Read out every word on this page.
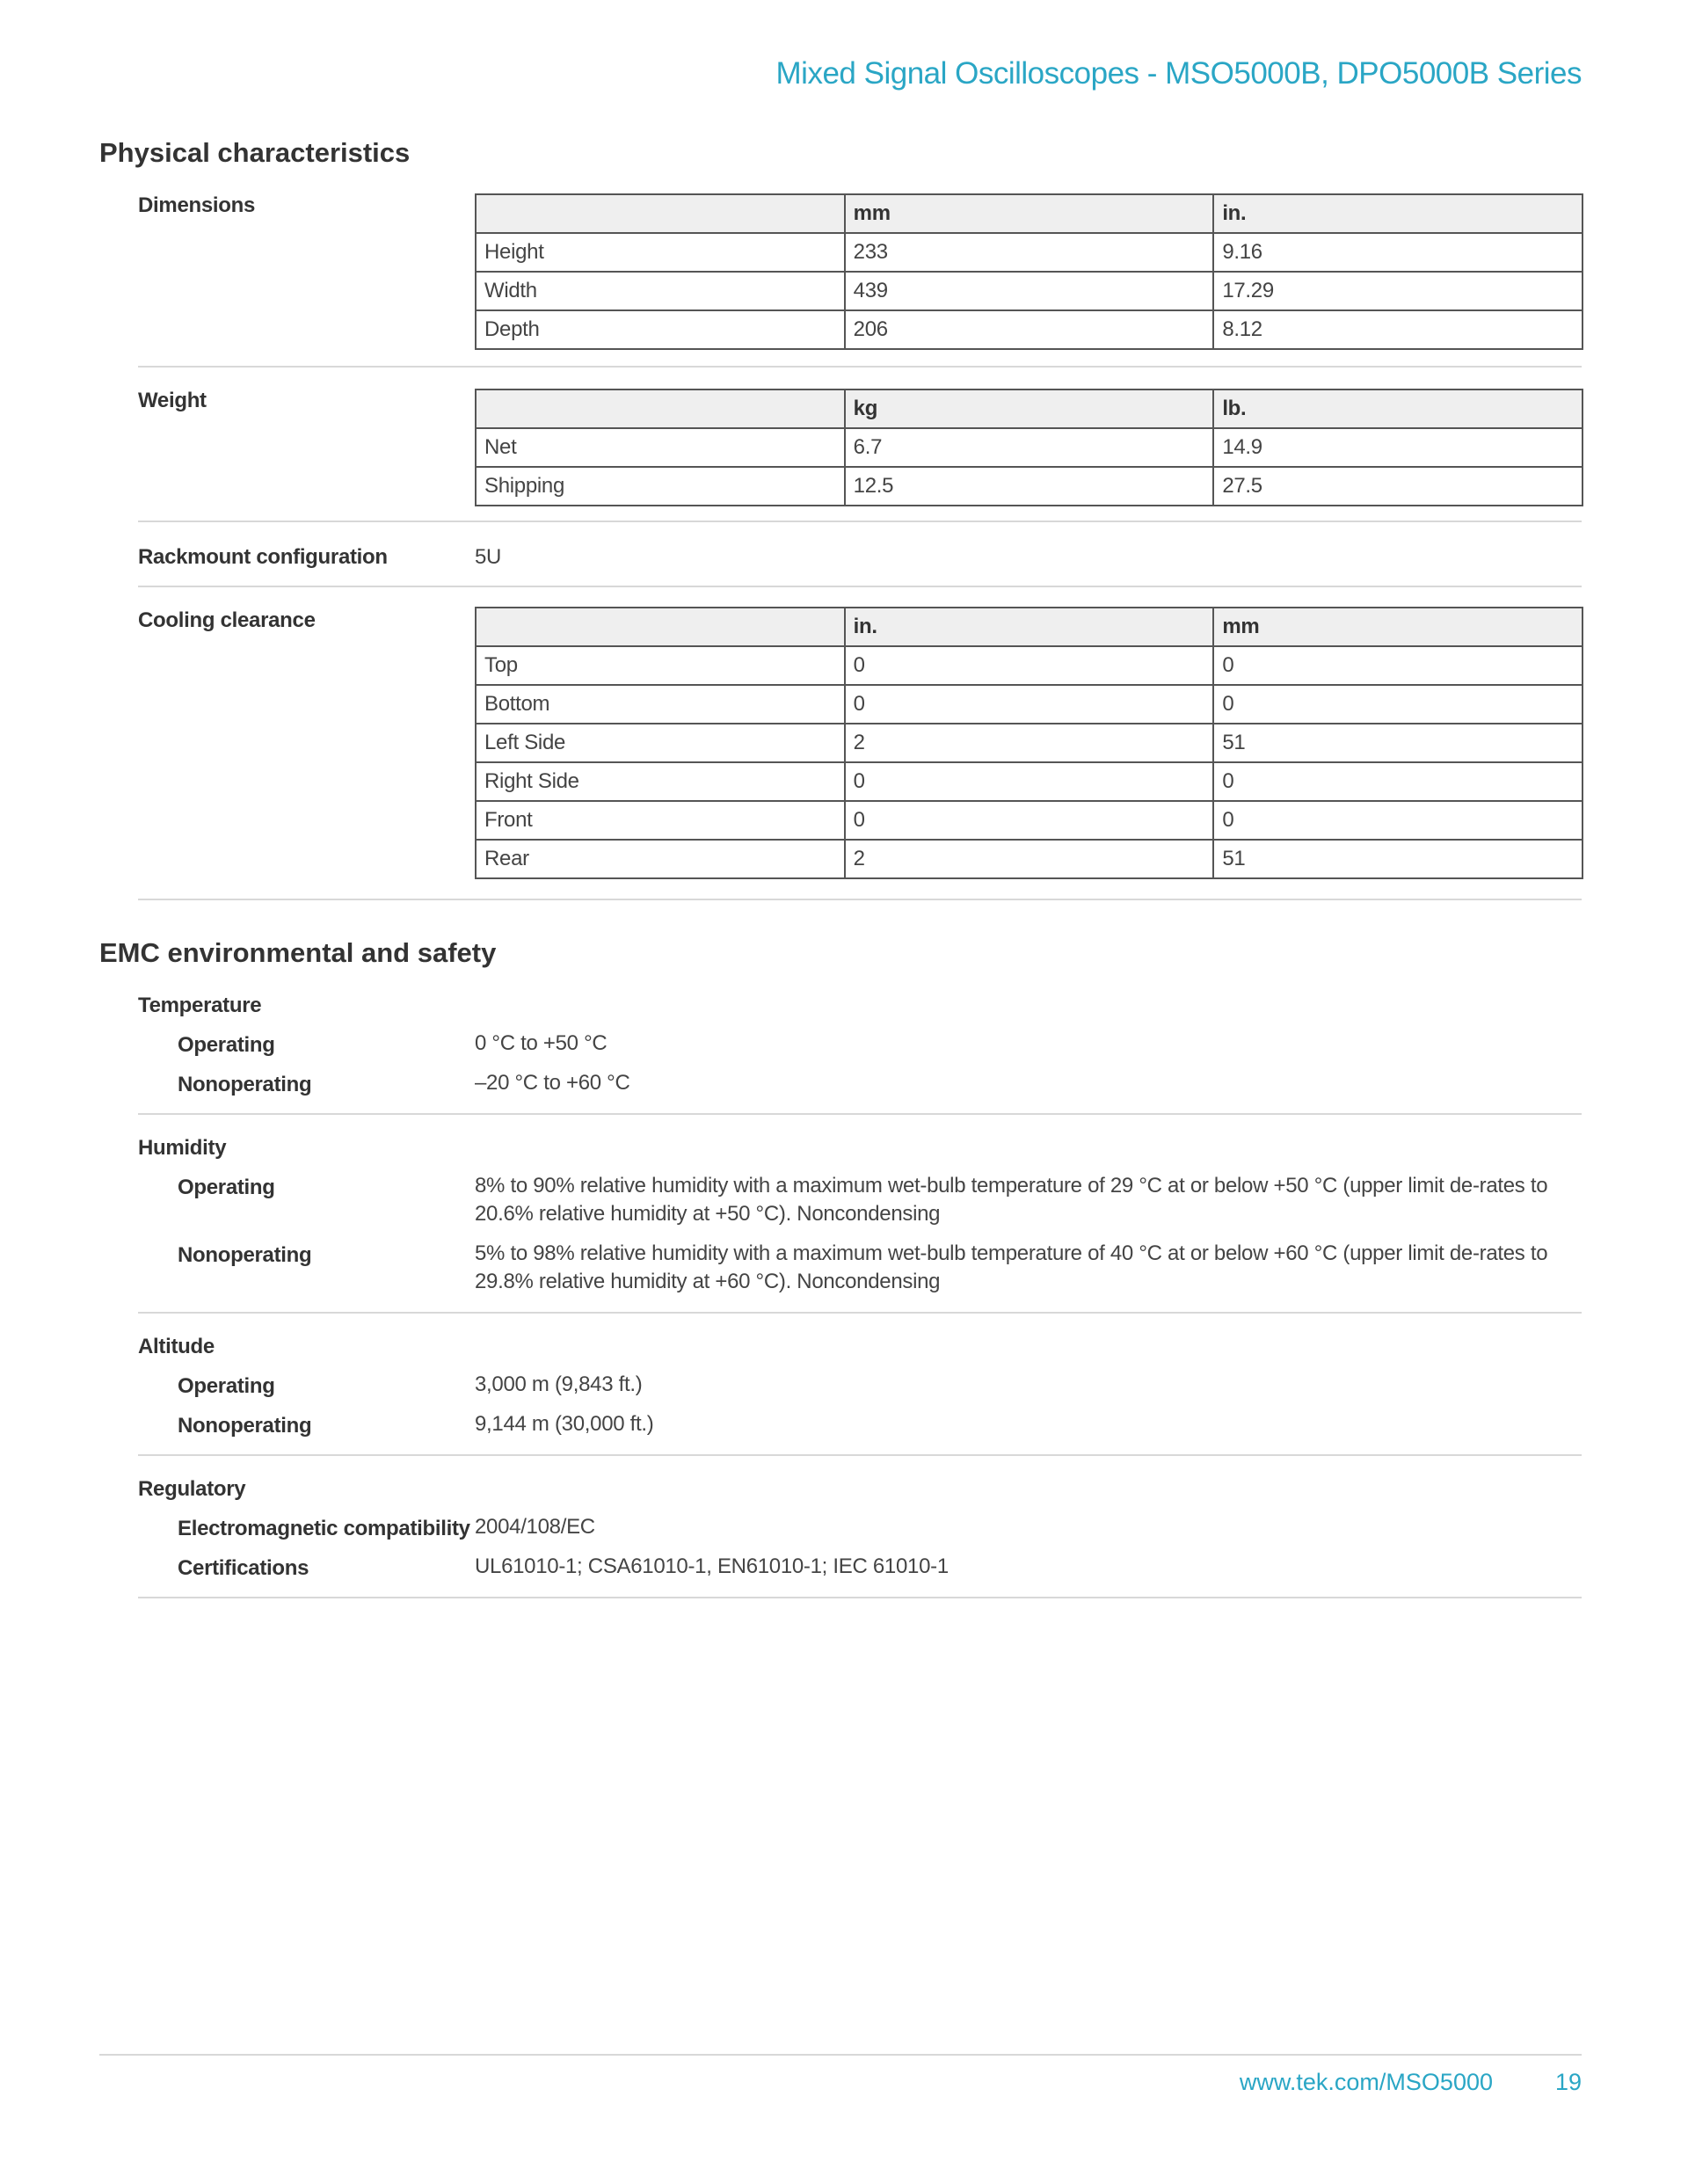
Mixed Signal Oscilloscopes - MSO5000B, DPO5000B Series
Physical characteristics
Dimensions
		mm	in.
Height	233	9.16
Width	439	17.29
Depth	206	8.12
Weight
		kg	lb.
Net	6.7	14.9
Shipping	12.5	27.5
Rackmount configuration	5U
Cooling clearance
		in.	mm
Top	0	0
Bottom	0	0
Left Side	2	51
Right Side	0	0
Front	0	0
Rear	2	51
EMC environmental and safety
Temperature
Operating	0 °C to +50 °C
Nonoperating	–20 °C to +60 °C
Humidity
Operating	8% to 90% relative humidity with a maximum wet-bulb temperature of 29 °C at or below +50 °C (upper limit de-rates to 20.6% relative humidity at +50 °C). Noncondensing
Nonoperating	5% to 98% relative humidity with a maximum wet-bulb temperature of 40 °C at or below +60 °C (upper limit de-rates to 29.8% relative humidity at +60 °C). Noncondensing
Altitude
Operating	3,000 m (9,843 ft.)
Nonoperating	9,144 m (30,000 ft.)
Regulatory
Electromagnetic compatibility 2004/108/EC
Certifications	UL61010-1; CSA61010-1, EN61010-1; IEC 61010-1
www.tek.com/MSO5000	19
